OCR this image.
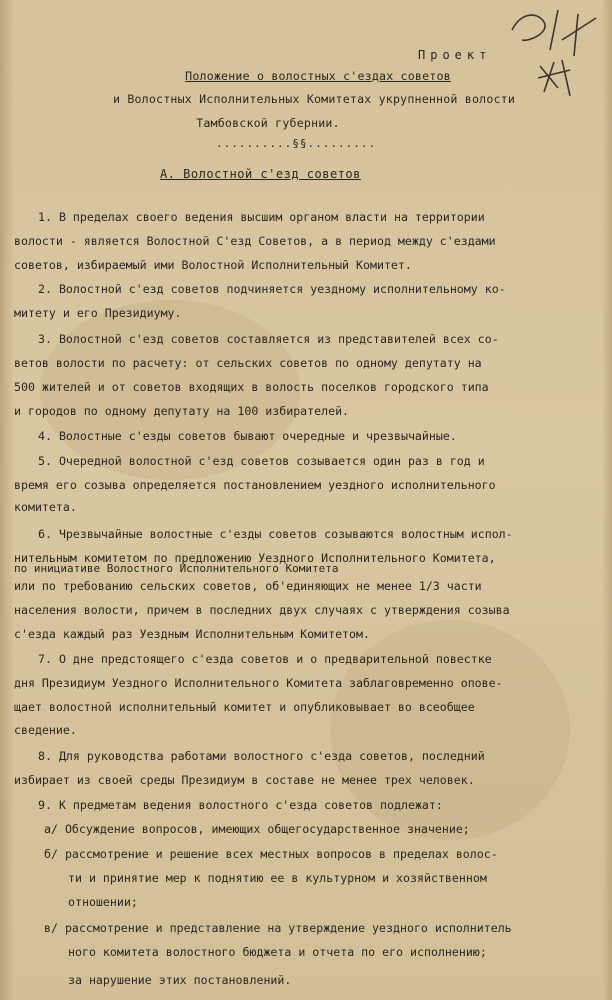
Проект
Положение о волостных с'ездах советов
и Волостных Исполнительных Комитетах укрупненной волости
Тамбовской губернии.
..........§§.........
А. Волостной с'езд советов
1. В пределах своего ведения высшим органом власти на территории
волости - является Волостной С'езд Советов, а в период между с'ездами
советов, избираемый ими Волостной Исполнительный Комитет.
2. Волостной с'езд советов подчиняется уездному исполнительному ко-
митету и его Президиуму.
3. Волостной с'езд советов составляется из представителей всех со-
ветов волости по расчету: от сельских советов по одному депутату на
500 жителей и от советов входящих в волость поселков городского типа
и городов по одному депутату на 100 избирателей.
4. Волостные с'езды советов бывают очередные и чрезвычайные.
5. Очередной волостной с'езд советов созывается один раз в год и
время его созыва определяется постановлением уездного исполнительного
комитета.
6. Чрезвычайные волостные с'езды советов созываются волостным испол-
нительным комитетом по предложению Уездного Исполнительного Комитета,
по инициативе Волостного Исполнительного Комитета
или по требованию сельских советов, об'единяющих не менее 1/3 части
населения волости, причем в последних двух случаях с утверждения созыва
с'езда каждый раз Уездным Исполнительным Комитетом.
7. О дне предстоящего с'езда советов и о предварительной повестке
дня Президиум Уездного Исполнительного Комитета заблаговременно опове-
щает волостной исполнительный комитет и опубликовывает во всеобщее
сведение.
8. Для руководства работами волостного с'езда советов, последний
избирает из своей среды Президиум в составе не менее трех человек.
9. К предметам ведения волостного с'езда советов подлежат:
а/ Обсуждение вопросов, имеющих общегосударственное значение;
б/ рассмотрение и решение всех местных вопросов в пределах волос-
ти и принятие мер к поднятию ее в культурном и хозяйственном
отношении;
в/ рассмотрение и представление на утверждение уездного исполнитель
ного комитета волостного бюджета и отчета по его исполнению;
за нарушение этих постановлений.
